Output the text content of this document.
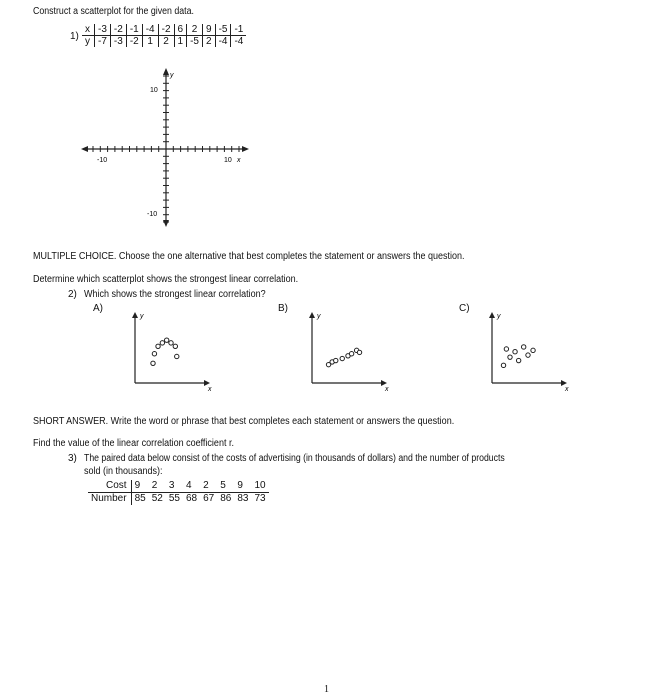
Construct a scatterplot for the given data.
1)
x	-3	-2	-1	-4	-2	6	2	9	-5	-1
y	-7	-3	-2	1	2	1	-5	2	-4	-4
y
10
-10
-10	10 x
MULTIPLE CHOICE. Choose the one alternative that best completes the statement or answers the question.
Determine which scatterplot shows the strongest linear correlation.
2) Which shows the strongest linear correlation?
A)	B)	C)
y
x
y
x
y
x
SHORT ANSWER. Write the word or phrase that best completes each statement or answers the question.
Find the value of the linear correlation coefficient r.
3) The paired data below consist of the costs of advertising (in thousands of dollars) and the number of products
sold (in thousands):
Cost	9	2	3	4	2	5	9	10
Number	85	52	55	68	67	86	83	73
1
